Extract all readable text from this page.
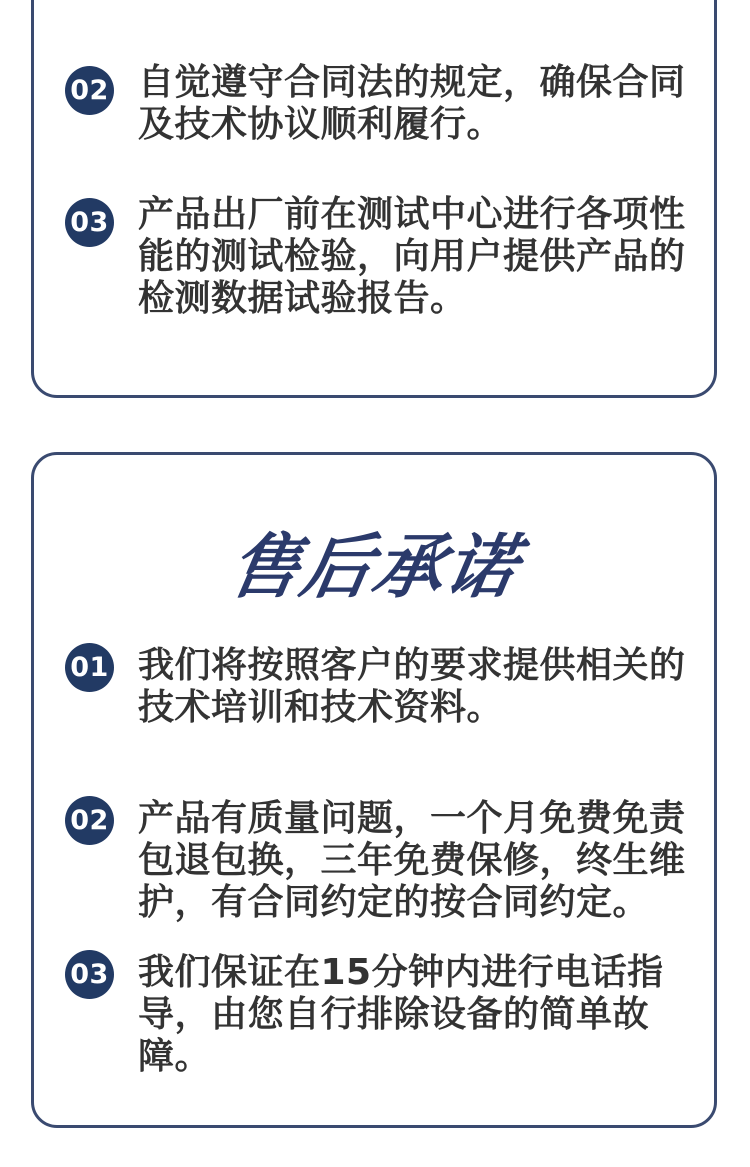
02 自觉遵守合同法的规定，确保合同
及技术协议顺利履行。
03 产品出厂前在测试中心进行各项性
能的测试检验，向用户提供产品的
检测数据试验报告。
售后承诺
01 我们将按照客户的要求提供相关的
技术培训和技术资料。
02 产品有质量问题，一个月免费免责
包退包换，三年免费保修，终生维
护，有合同约定的按合同约定。
03 我们保证在15分钟内进行电话指
导，由您自行排除设备的简单故
障。
